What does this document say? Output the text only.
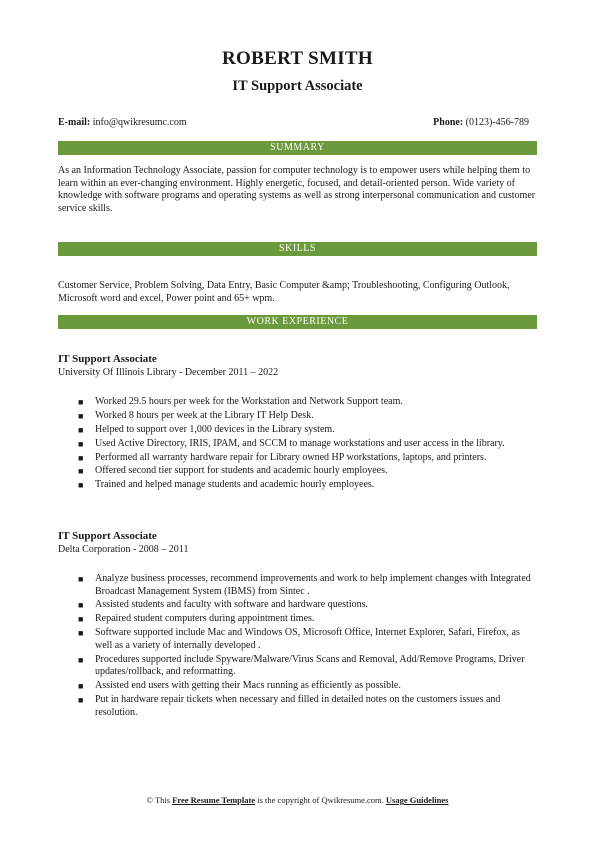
ROBERT SMITH
IT Support Associate
E-mail: info@qwikresumc.com	Phone: (0123)-456-789
SUMMARY
As an Information Technology Associate, passion for computer technology is to empower users while helping them to learn within an ever-changing environment. Highly energetic, focused, and detail-oriented person. Wide variety of knowledge with software programs and operating systems as well as strong interpersonal communication and customer service skills.
SKILLS
Customer Service, Problem Solving, Data Entry, Basic Computer &amp; Troubleshooting, Configuring Outlook, Microsoft word and excel, Power point and 65+ wpm.
WORK EXPERIENCE
IT Support Associate
University Of Illinois Library - December 2011 – 2022
■ Worked 29.5 hours per week for the Workstation and Network Support team.
■ Worked 8 hours per week at the Library IT Help Desk.
■ Helped to support over 1,000 devices in the Library system.
■ Used Active Directory, IRIS, IPAM, and SCCM to manage workstations and user access in the library.
■ Performed all warranty hardware repair for Library owned HP workstations, laptops, and printers.
■ Offered second tier support for students and academic hourly employees.
■ Trained and helped manage students and academic hourly employees.
IT Support Associate
Delta Corporation - 2008 – 2011
■ Analyze business processes, recommend improvements and work to help implement changes with Integrated Broadcast Management System (IBMS) from Sintec .
■ Assisted students and faculty with software and hardware questions.
■ Repaired student computers during appointment times.
■ Software supported include Mac and Windows OS, Microsoft Office, Internet Explorer, Safari, Firefox, as well as a variety of internally developed .
■ Procedures supported include Spyware/Malware/Virus Scans and Removal, Add/Remove Programs, Driver updates/rollback, and reformatting.
■ Assisted end users with getting their Macs running as efficiently as possible.
■ Put in hardware repair tickets when necessary and filled in detailed notes on the customers issues and resolution.
© This Free Resume Template is the copyright of Qwikresume.com. Usage Guidelines
